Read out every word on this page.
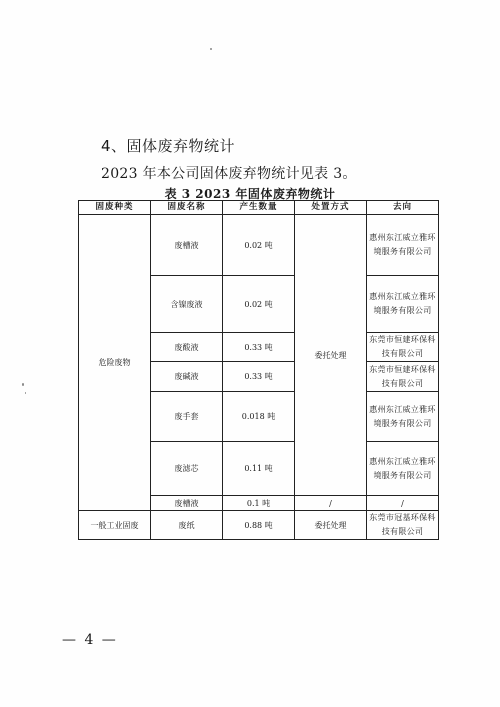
4、固体废弃物统计
2023 年本公司固体废弃物统计见表 3。
表 3 2023 年固体废弃物统计
固废种类	固废名称	产生数量	处置方式	去向
危险废物	废槽液	0.02 吨	委托处理	惠州东江威立雅环境服务有限公司
	含镍废液	0.02 吨		惠州东江威立雅环境服务有限公司
	废酸液	0.33 吨		东莞市恒建环保科技有限公司
	废碱液	0.33 吨		东莞市恒建环保科技有限公司
	废手套	0.018 吨		惠州东江威立雅环境服务有限公司
	废滤芯	0.11 吨		惠州东江威立雅环境服务有限公司
	废槽液	0.1 吨	/	/
一般工业固废	废纸	0.88 吨	委托处理	东莞市冠基环保科技有限公司
— 4 —
